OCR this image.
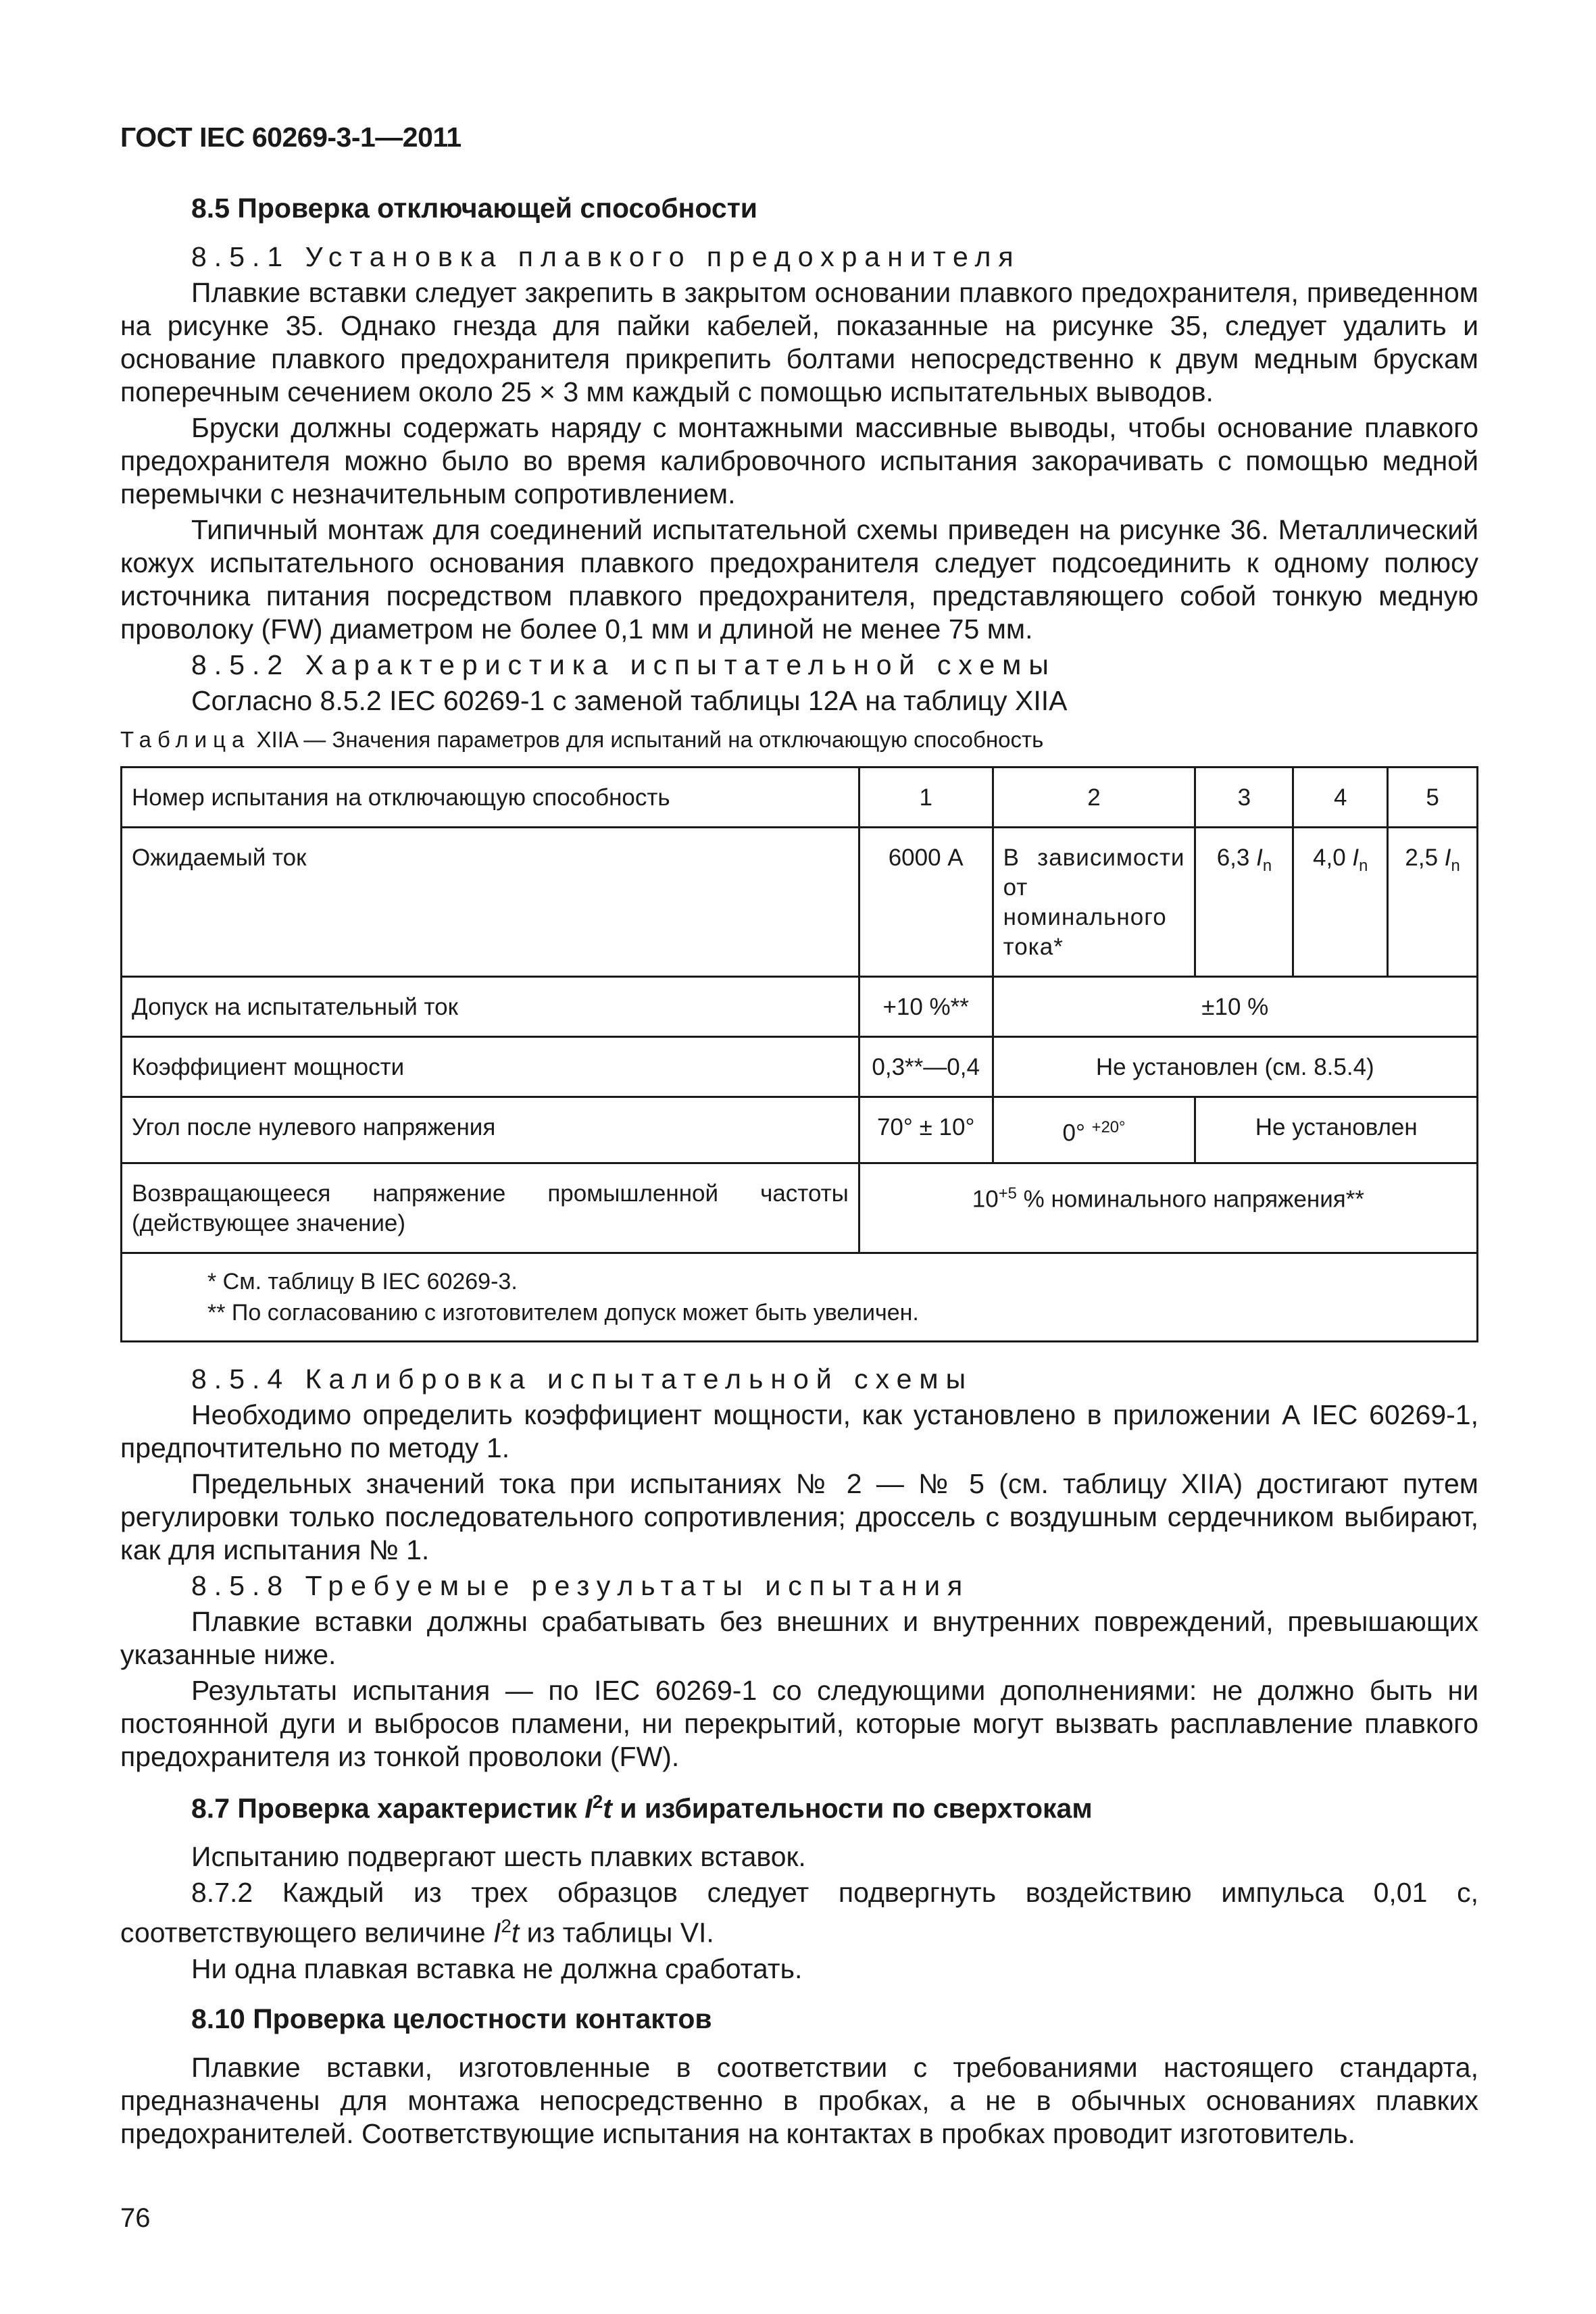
ГОСТ IEC 60269-3-1—2011
8.5 Проверка отключающей способности
8.5.1 Установка плавкого предохранителя

Плавкие вставки следует закрепить в закрытом основании плавкого предохранителя, приведенном на рисунке 35. Однако гнезда для пайки кабелей, показанные на рисунке 35, следует удалить и основание плавкого предохранителя прикрепить болтами непосредственно к двум медным брускам поперечным сечением около 25 × 3 мм каждый с помощью испытательных выводов.

Бруски должны содержать наряду с монтажными массивные выводы, чтобы основание плавкого предохранителя можно было во время калибровочного испытания закорачивать с помощью медной перемычки с незначительным сопротивлением.

Типичный монтаж для соединений испытательной схемы приведен на рисунке 36. Металлический кожух испытательного основания плавкого предохранителя следует подсоединить к одному полюсу источника питания посредством плавкого предохранителя, представляющего собой тонкую медную проволоку (FW) диаметром не более 0,1 мм и длиной не менее 75 мм.

8.5.2 Характеристика испытательной схемы

Согласно 8.5.2 IEC 60269-1 с заменой таблицы 12А на таблицу XIIA

Таблица XIIA — Значения параметров для испытаний на отключающую способность
Номер испытания на отключающую способность	1	2	3	4	5
Ожидаемый ток	6000 А	В зависимости от номинального тока*	6,3 $I_n$	4,0 $I_n$	2,5 $I_n$
Допуск на испытательный ток	+10 %**	±10 %			
Коэффициент мощности	0,3**—0,4	Не установлен (см. 8.5.4)			
Угол после нулевого напряжения	70° ± 10°	0° $^{+20^\circ}$	Не установлен		
Возвращающееся напряжение промышленной частоты (действующее значение)	$10^{+5}$ % номинального напряжения**				

* См. таблицу В IEC 60269-3.
** По согласованию с изготовителем допуск может быть увеличен.					
8.5.4 Калибровка испытательной схемы

Необходимо определить коэффициент мощности, как установлено в приложении А IEC 60269-1, предпочтительно по методу 1.

Предельных значений тока при испытаниях № 2 — № 5 (см. таблицу XIIA) достигают путем регулировки только последовательного сопротивления; дроссель с воздушным сердечником выбирают, как для испытания № 1.

8.5.8 Требуемые результаты испытания

Плавкие вставки должны срабатывать без внешних и внутренних повреждений, превышающих указанные ниже.

Результаты испытания — по IEC 60269-1 со следующими дополнениями: не должно быть ни постоянной дуги и выбросов пламени, ни перекрытий, которые могут вызвать расплавление плавкого предохранителя из тонкой проволоки (FW).

8.7 Проверка характеристик $I^2t$ и избирательности по сверхтокам

Испытанию подвергают шесть плавких вставок.

8.7.2 Каждый из трех образцов следует подвергнуть воздействию импульса 0,01 с, соответствующего величине $I^2t$ из таблицы VI.

Ни одна плавкая вставка не должна сработать.

8.10 Проверка целостности контактов

Плавкие вставки, изготовленные в соответствии с требованиями настоящего стандарта, предназначены для монтажа непосредственно в пробках, а не в обычных основаниях плавких предохранителей. Соответствующие испытания на контактах в пробках проводит изготовитель.

76
